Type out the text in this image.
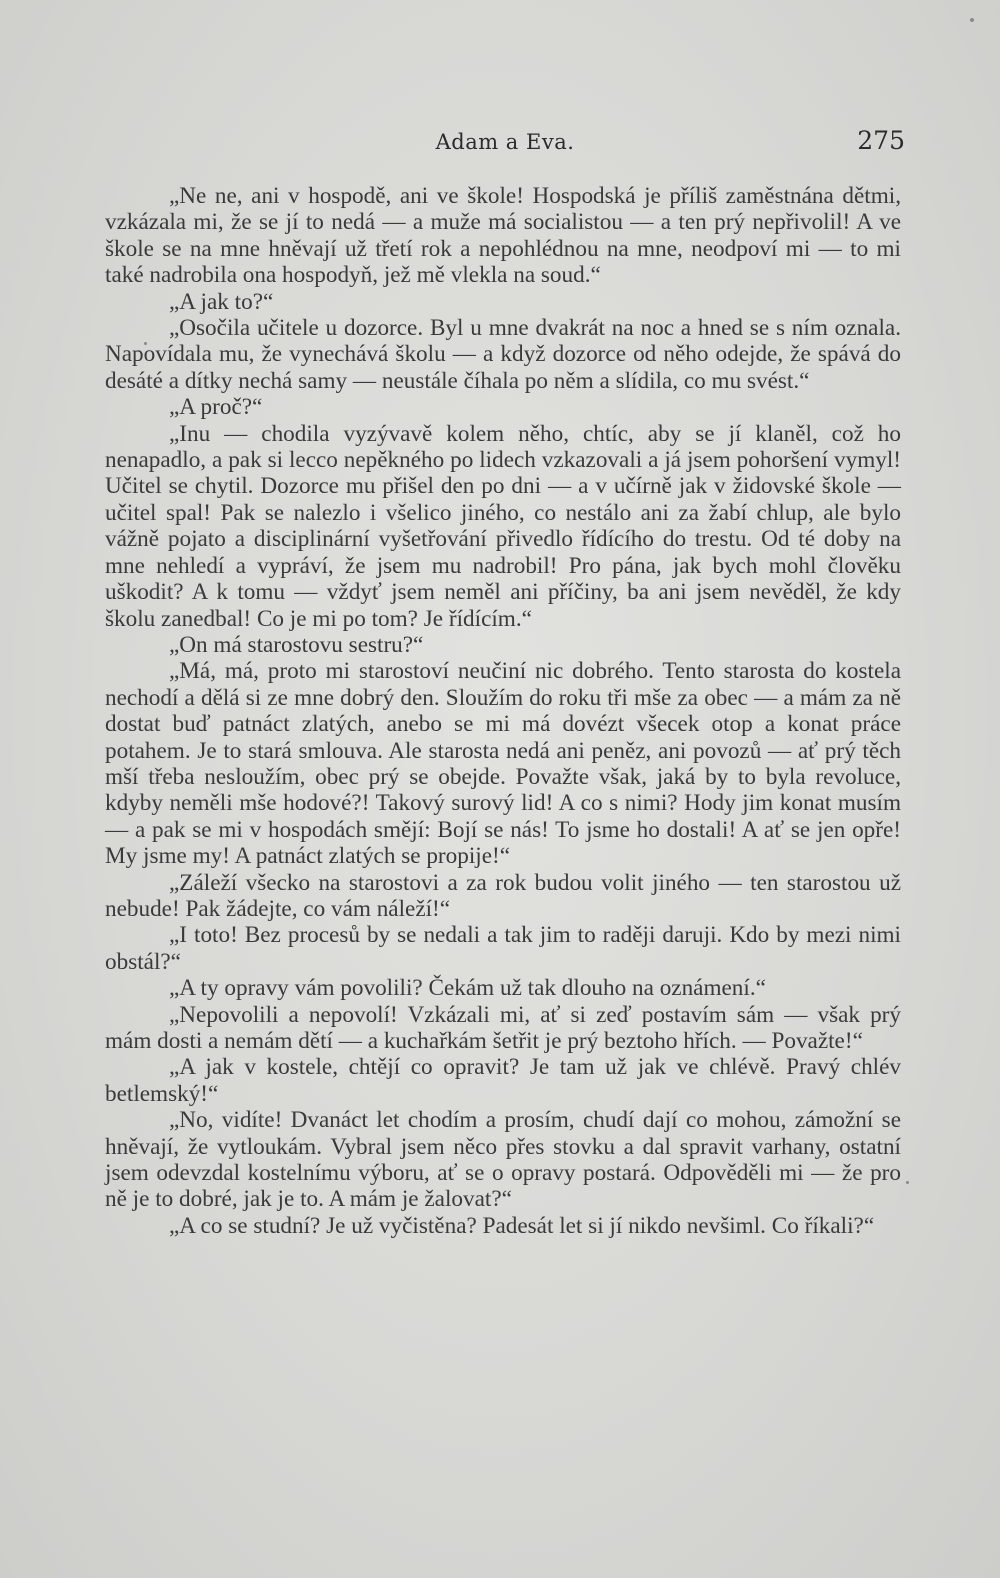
Adam a Eva.	275

„Ne ne, ani v hospodě, ani ve škole! Hospodská je příliš zaměstnána dětmi, vzkázala mi, že se jí to nedá — a muže má socialistou — a ten prý nepřivolil! A ve škole se na mne hněvají už třetí rok a nepohlédnou na mne, neodpoví mi — to mi také nadrobila ona hospodyň, jež mě vlekla na soud.“

„A jak to?“

„Osočila učitele u dozorce. Byl u mne dvakrát na noc a hned se s ním oznala. Napovídala mu, že vynechává školu — a když dozorce od něho odejde, že spává do desáté a dítky nechá samy — neustále číhala po něm a slídila, co mu svést.“

„A proč?“

„Inu — chodila vyzývavě kolem něho, chtíc, aby se jí klaněl, což ho nenapadlo, a pak si lecco nepěkného po lidech vzkazovali a já jsem pohoršení vymyl! Učitel se chytil. Dozorce mu přišel den po dni — a v učírně jak v židovské škole — učitel spal! Pak se nalezlo i všelico jiného, co nestálo ani za žabí chlup, ale bylo vážně pojato a disciplinární vyšetřování přivedlo řídícího do trestu. Od té doby na mne nehledí a vypráví, že jsem mu nadrobil! Pro pána, jak bych mohl člověku uškodit? A k tomu — vždyť jsem neměl ani příčiny, ba ani jsem nevěděl, že kdy školu zanedbal! Co je mi po tom? Je řídícím.“

„On má starostovu sestru?“

„Má, má, proto mi starostoví neučiní nic dobrého. Tento starosta do kostela nechodí a dělá si ze mne dobrý den. Sloužím do roku tři mše za obec — a mám za ně dostat buď patnáct zlatých, anebo se mi má dovézt všecek otop a konat práce potahem. Je to stará smlouva. Ale starosta nedá ani peněz, ani povozů — ať prý těch mší třeba nesloužím, obec prý se obejde. Považte však, jaká by to byla revoluce, kdyby neměli mše hodové?! Takový surový lid! A co s nimi? Hody jim konat musím — a pak se mi v hospodách smějí: Bojí se nás! To jsme ho dostali! A ať se jen opře! My jsme my! A patnáct zlatých se propije!“

„Záleží všecko na starostovi a za rok budou volit jiného — ten starostou už nebude! Pak žádejte, co vám náleží!“

„I toto! Bez procesů by se nedali a tak jim to raději daruji. Kdo by mezi nimi obstál?“

„A ty opravy vám povolili? Čekám už tak dlouho na oznámení.“

„Nepovolili a nepovolí! Vzkázali mi, ať si zeď postavím sám — však prý mám dosti a nemám dětí — a kuchařkám šetřit je prý beztoho hřích. — Považte!“

„A jak v kostele, chtějí co opravit? Je tam už jak ve chlévě. Pravý chlév betlemský!“

„No, vidíte! Dvanáct let chodím a prosím, chudí dají co mohou, zámožní se hněvají, že vytloukám. Vybral jsem něco přes stovku a dal spravit varhany, ostatní jsem odevzdal kostelnímu výboru, ať se o opravy postará. Odpověděli mi — že pro ně je to dobré, jak je to. A mám je žalovat?“

„A co se studní? Je už vyčistěna? Padesát let si jí nikdo nevšiml. Co říkali?“
